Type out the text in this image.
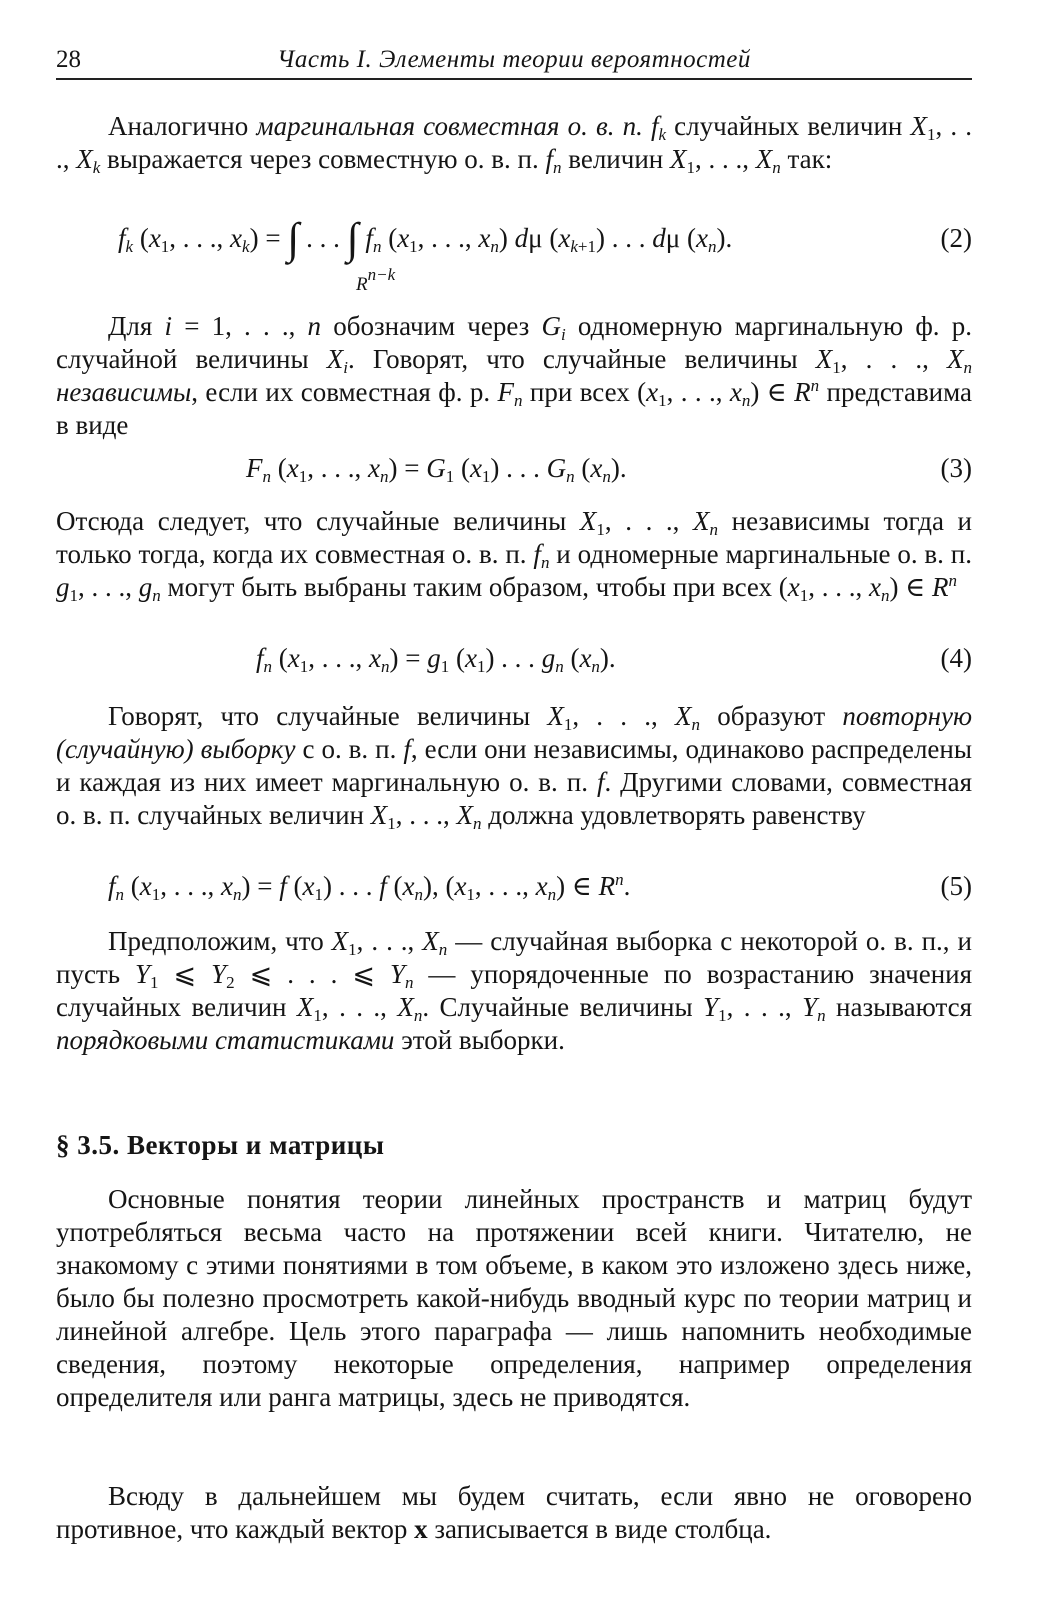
28	Часть I. Элементы теории вероятностей

Аналогично маргинальная совместная о. в. п. $f_k$ случайных величин $X_1$, . . ., $X_k$ выражается через совместную о. в. п. $f_n$ величин $X_1$, . . ., $X_n$ так:

$f_k$ ($x_1$, . . ., $x_k$) = ∫ . . . ∫ $f_n$ ($x_1$, . . ., $x_n$) dμ $(x_{k+1})$ . . . dμ $(x_n)$.
$R^{n-k}$
(2)

Для i = 1, . . ., n обозначим через $G_i$ одномерную маргинальную ф. р. случайной величины $X_i$. Говорят, что случайные величины $X_1$, . . ., $X_n$ независимы, если их совместная ф. р. $F_n$ при всех ($x_1$, . . ., $x_n$) ∈ $R^n$ представима в виде

$F_n$ ($x_1$, . . ., $x_n) = G_1$ $(x_1)$ . . . $G_n$ $(x_n)$.	(3)

Отсюда следует, что случайные величины $X_1$, . . ., $X_n$ независимы тогда и только тогда, когда их совместная о. в. п. $f_n$ и одномерные маргинальные о. в. п. $g_1$, . . ., $g_n$ могут быть выбраны таким образом, чтобы при всех ($x_1$, . . ., $x_n$) ∈ $R^n$

$f_n$ ($x_1$, . . ., $x_n) = g_1$ $(x_1)$ . . . $g_n$ $(x_n)$.	(4)

Говорят, что случайные величины $X_1$, . . ., $X_n$ образуют повторную (случайную) выборку с о. в. п. f, если они независимы, одинаково распределены и каждая из них имеет маргинальную о. в. п. f. Другими словами, совместная о. в. п. случайных величин $X_1$, . . ., $X_n$ должна удовлетворять равенству

$f_n$ ($x_1$, . . ., $x_n) = f$ $(x_1)$ . . . f $(x_n)$, ($x_1$, . . ., $x_n$) ∈ $R^n$.	(5)

Предположим, что $X_1$, . . ., $X_n$ — случайная выборка с некоторой о. в. п., и пусть $Y_1$ ⩽ $Y_2$ ⩽ . . . ⩽ $Y_n$ — упорядоченные по возрастанию значения случайных величин $X_1$, . . ., $X_n$. Случайные величины $Y_1$, . . ., $Y_n$ называются порядковыми статистиками этой выборки.

§ 3.5. Векторы и матрицы

Основные понятия теории линейных пространств и матриц будут употребляться весьма часто на протяжении всей книги. Читателю, не знакомому с этими понятиями в том объеме, в каком это изложено здесь ниже, было бы полезно просмотреть какой-нибудь вводный курс по теории матриц и линейной алгебре. Цель этого параграфа — лишь напомнить необходимые сведения, поэтому некоторые определения, например определения определителя или ранга матрицы, здесь не приводятся.

Всюду в дальнейшем мы будем считать, если явно не оговорено противное, что каждый вектор x записывается в виде столбца.
